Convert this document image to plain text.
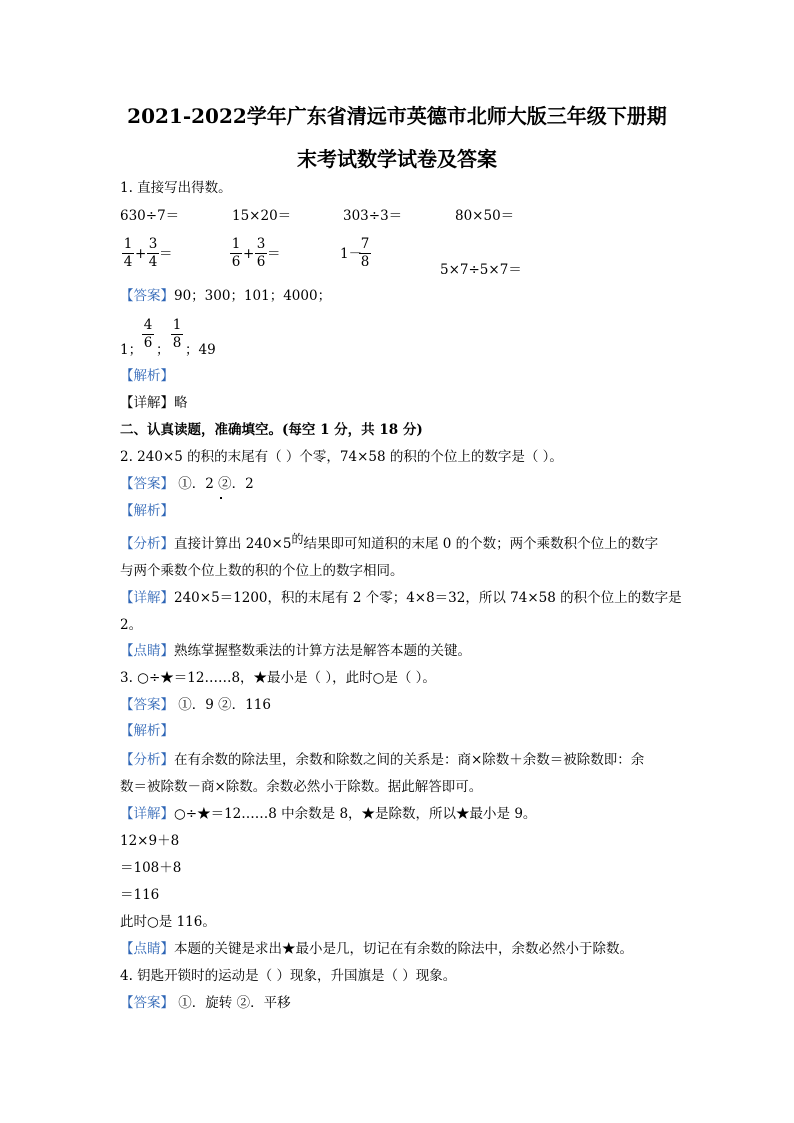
2021-2022学年广东省清远市英德市北师大版三年级下册期
末考试数学试卷及答案
1. 直接写出得数。
630÷7＝	15×20＝	303÷3＝	80×50＝
1
4 +
3
4 ＝
1
6 +
3
6 ＝	1－
7
8	5×7÷5×7＝
【答案】90；300；101；4000；
1；
4
6 ；
1
8 ；49
【解析】
【详解】略
二、认真读题，准确填空。(每空 1 分，共 18 分)
2. 240×5 的积的末尾有（ ）个零，74×58 的积的个位上的数字是（ ）。
【答案】 ①．2 ②．2
【解析】
【分析】直接计算出 240×5的结果即可知道积的末尾 0 的个数；两个乘数积个位上的数字
与两个乘数个位上数的积的个位上的数字相同。
【详解】240×5＝1200，积的末尾有 2 个零；4×8＝32，所以 74×58 的积个位上的数字是
2。
【点睛】熟练掌握整数乘法的计算方法是解答本题的关键。
3. ○÷★＝12……8，★最小是（ ），此时○是（ ）。
【答案】 ①．9 ②．116
【解析】
【分析】在有余数的除法里，余数和除数之间的关系是：商×除数＋余数＝被除数即：余
数＝被除数－商×除数。余数必然小于除数。据此解答即可。
【详解】○÷★＝12……8 中余数是 8，★是除数，所以★最小是 9。
12×9＋8
＝108＋8
＝116
此时○是 116。
【点睛】本题的关键是求出★最小是几，切记在有余数的除法中，余数必然小于除数。
4. 钥匙开锁时的运动是（ ）现象，升国旗是（ ）现象。
【答案】 ①．旋转 ②．平移
